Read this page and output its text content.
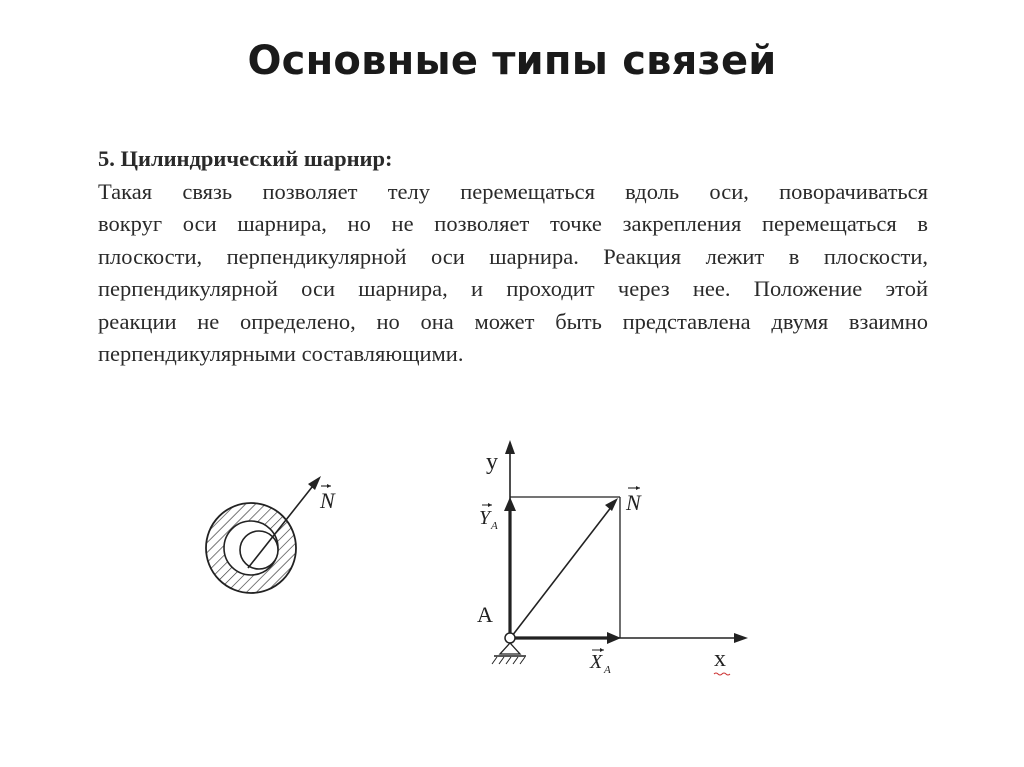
Основные типы связей
5. Цилиндрический шарнир:
Такая связь позволяет телу перемещаться вдоль оси, поворачиваться
вокруг оси шарнира, но не позволяет точке закрепления перемещаться в
плоскости, перпендикулярной оси шарнира. Реакция лежит в плоскости,
перпендикулярной оси шарнира, и проходит через нее. Положение этой
реакции не определено, но она может быть представлена двумя взаимно
перпендикулярными составляющими.
N
y
x
A
N
Y A
X A
